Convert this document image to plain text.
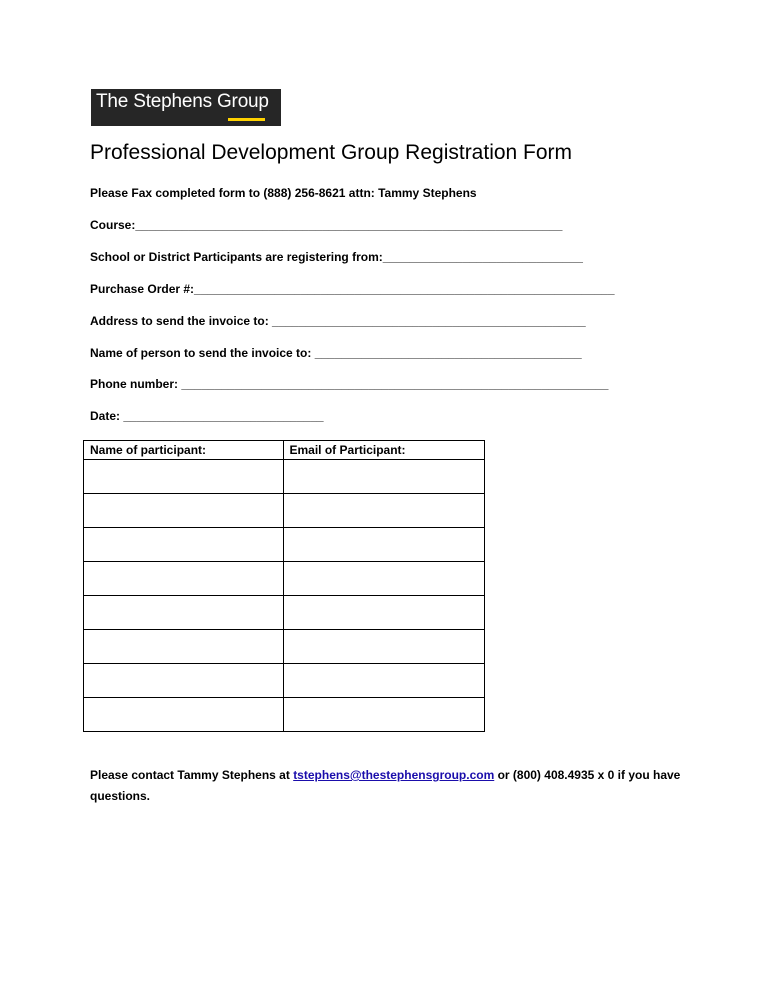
The Stephens Group
Professional Development Group Registration Form
Please Fax completed form to (888) 256-8621 attn: Tammy Stephens
Course:________________________________________________________________
School or District Participants are registering from:______________________________
Purchase Order #:_______________________________________________________________
Address to send the invoice to: _______________________________________________
Name of person to send the invoice to: ________________________________________
Phone number: ________________________________________________________________
Date: ______________________________
Name of participant:	Email of Participant:

Please contact Tammy Stephens at tstephens@thestephensgroup.com or (800) 408.4935 x 0 if you have questions.
